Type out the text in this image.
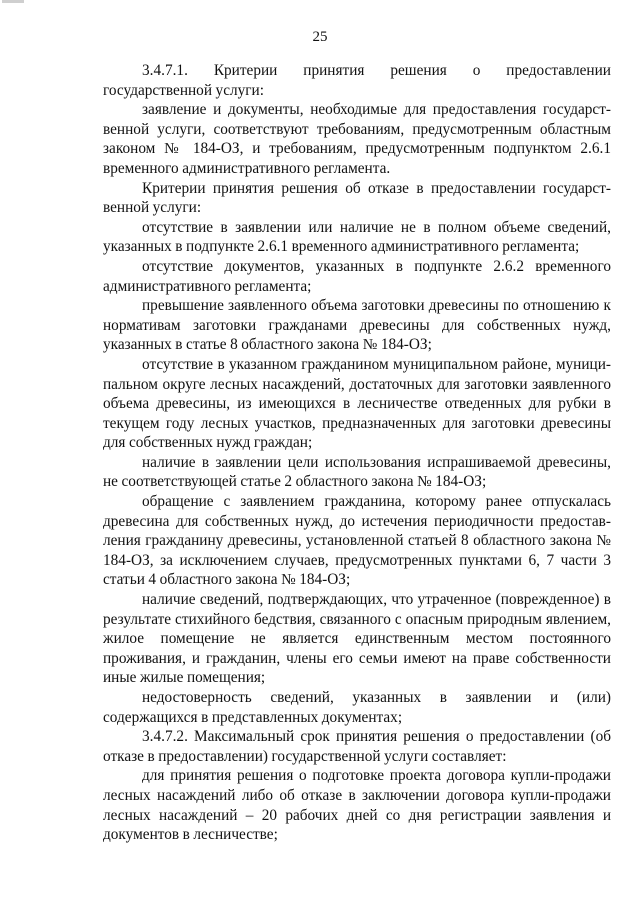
25

3.4.7.1. Критерии принятия решения о предоставлении государственной услуги:

заявление и документы, необходимые для предоставления государст-венной услуги, соответствуют требованиям, предусмотренным областным законом № 184-ОЗ, и требованиям, предусмотренным подпунктом 2.6.1 временного административного регламента.

Критерии принятия решения об отказе в предоставлении государст-венной услуги:

отсутствие в заявлении или наличие не в полном объеме сведений, указанных в подпункте 2.6.1 временного административного регламента;

отсутствие документов, указанных в подпункте 2.6.2 временного административного регламента;

превышение заявленного объема заготовки древесины по отношению к нормативам заготовки гражданами древесины для собственных нужд, указанных в статье 8 областного закона № 184-ОЗ;

отсутствие в указанном гражданином муниципальном районе, муници-пальном округе лесных насаждений, достаточных для заготовки заявленного объема древесины, из имеющихся в лесничестве отведенных для рубки в текущем году лесных участков, предназначенных для заготовки древесины для собственных нужд граждан;

наличие в заявлении цели использования испрашиваемой древесины, не соответствующей статье 2 областного закона № 184-ОЗ;

обращение с заявлением гражданина, которому ранее отпускалась древесина для собственных нужд, до истечения периодичности предостав-ления гражданину древесины, установленной статьей 8 областного закона № 184-ОЗ, за исключением случаев, предусмотренных пунктами 6, 7 части 3 статьи 4 областного закона № 184-ОЗ;

наличие сведений, подтверждающих, что утраченное (поврежденное) в результате стихийного бедствия, связанного с опасным природным явлением, жилое помещение не является единственным местом постоянного проживания, и гражданин, члены его семьи имеют на праве собственности иные жилые помещения;

недостоверность сведений, указанных в заявлении и (или) содержащихся в представленных документах;

3.4.7.2. Максимальный срок принятия решения о предоставлении (об отказе в предоставлении) государственной услуги составляет:

для принятия решения о подготовке проекта договора купли-продажи лесных насаждений либо об отказе в заключении договора купли-продажи лесных насаждений – 20 рабочих дней со дня регистрации заявления и документов в лесничестве;
